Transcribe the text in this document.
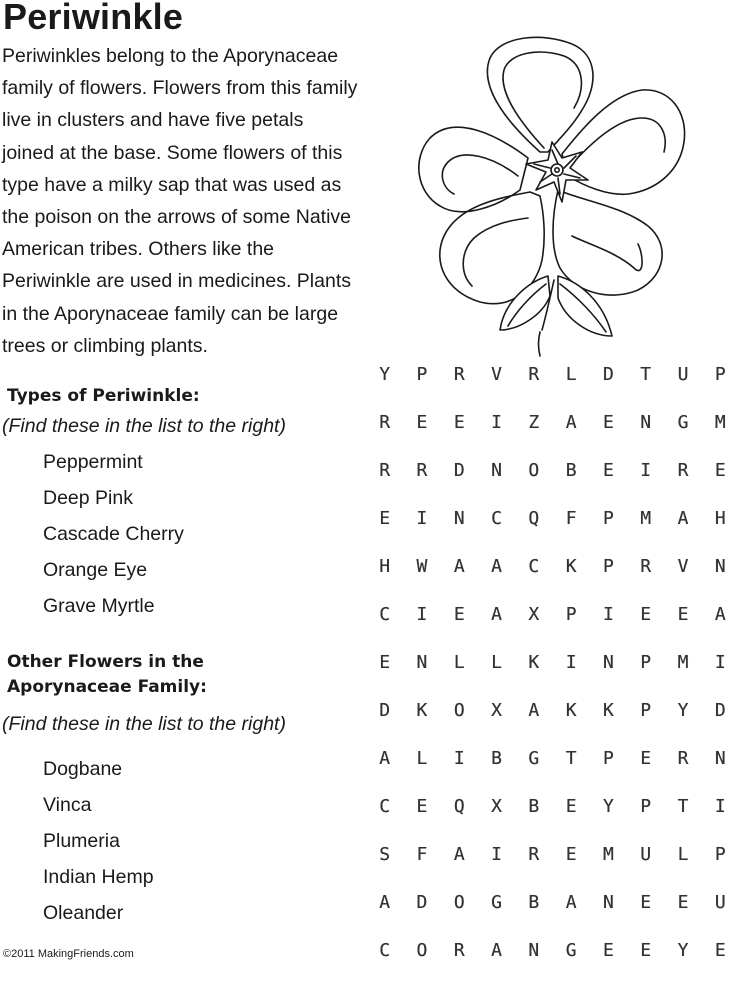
Periwinkle
Periwinkles belong to the Aporynaceae
family of flowers. Flowers from this family
live in clusters and have five petals
joined at the base. Some flowers of this
type have a milky sap that was used as
the poison on the arrows of some Native
American tribes. Others like the
Periwinkle are used in medicines. Plants
in the Aporynaceae family can be large
trees or climbing plants.
Types of Periwinkle:
(Find these in the list to the right)
Peppermint
Deep Pink
Cascade Cherry
Orange Eye
Grave Myrtle
Other Flowers in the
Aporynaceae Family:
(Find these in the list to the right)
Dogbane
Vinca
Plumeria
Indian Hemp
Oleander
Y	P	R	V	R	L	D	T	U	P
R	E	E	I	Z	A	E	N	G	M
R	R	D	N	O	B	E	I	R	E
E	I	N	C	Q	F	P	M	A	H
H	W	A	A	C	K	P	R	V	N
C	I	E	A	X	P	I	E	E	A
E	N	L	L	K	I	N	P	M	I
D	K	O	X	A	K	K	P	Y	D
A	L	I	B	G	T	P	E	R	N
C	E	Q	X	B	E	Y	P	T	I
S	F	A	I	R	E	M	U	L	P
A	D	O	G	B	A	N	E	E	U
C	O	R	A	N	G	E	E	Y	E
©2011 MakingFriends.com
